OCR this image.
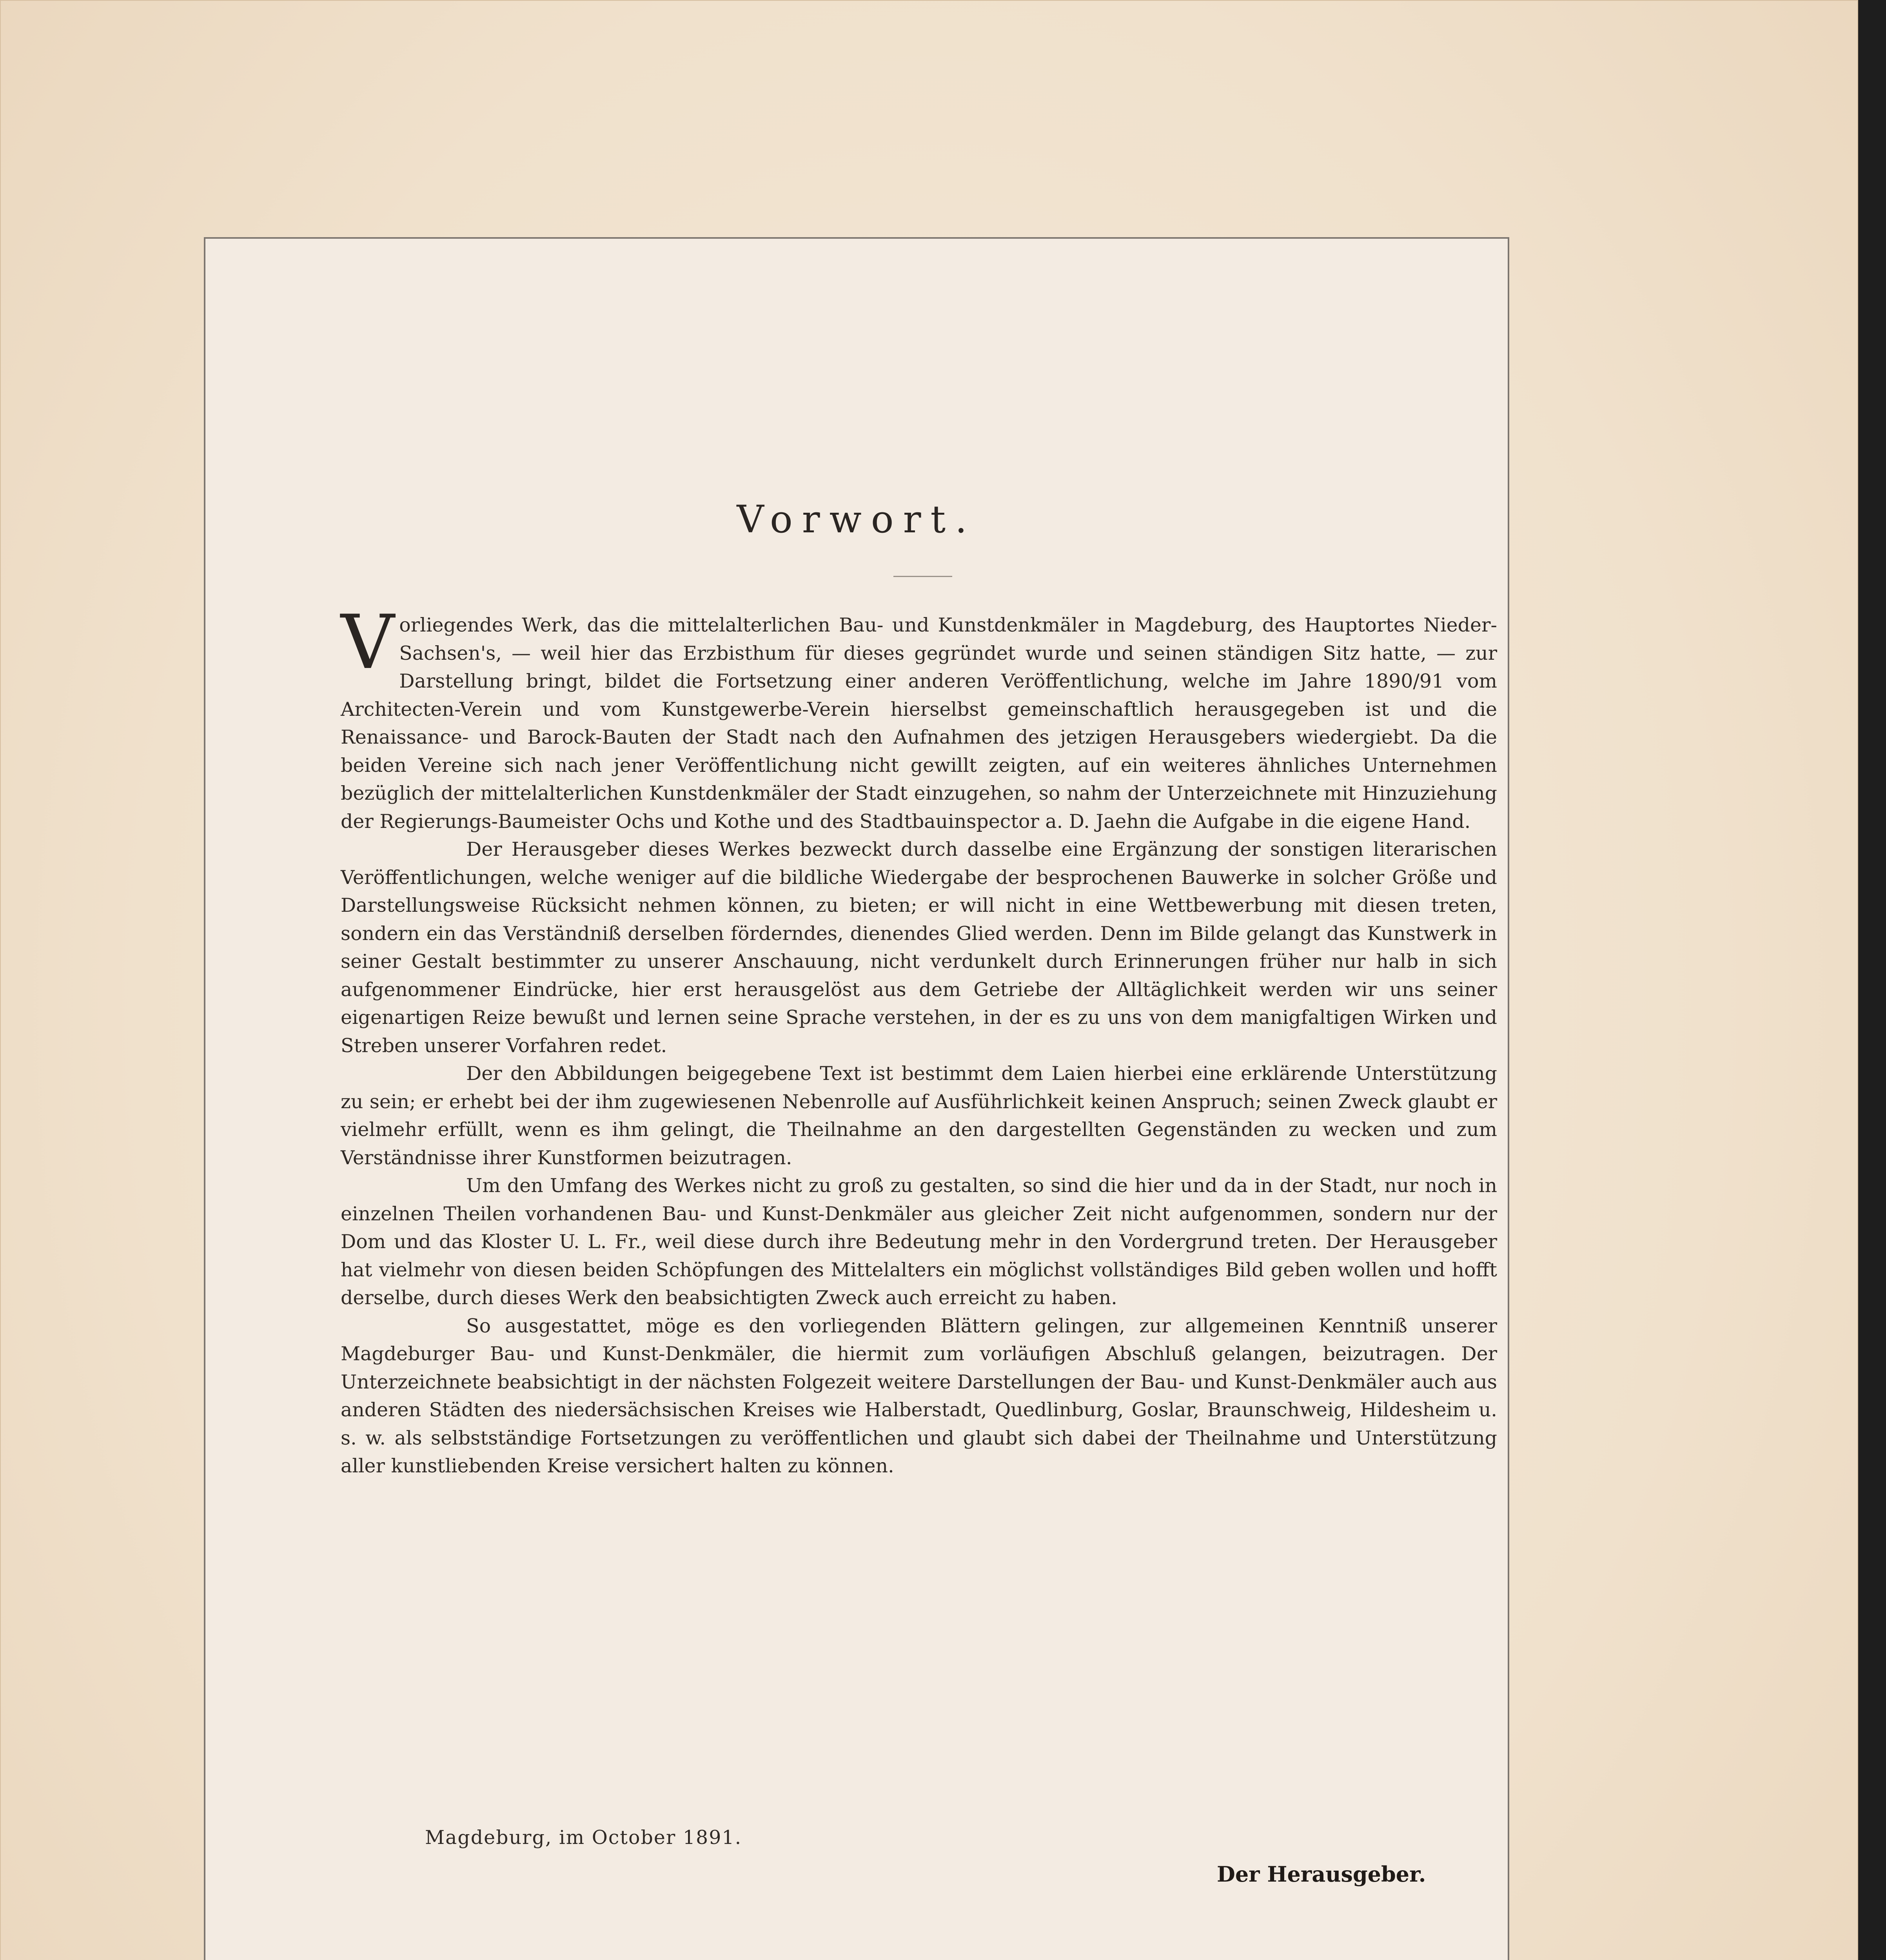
Vorwort.

Vorliegendes Werk, das die mittelalterlichen Bau- und Kunstdenkmäler in Magdeburg, des Hauptortes Nieder-Sachsen's, — weil hier das Erzbisthum für dieses gegründet wurde und seinen ständigen Sitz hatte, — zur Darstellung bringt, bildet die Fortsetzung einer anderen Veröffentlichung, welche im Jahre 1890/91 vom Architecten-Verein und vom Kunstgewerbe-Verein hierselbst gemeinschaftlich herausgegeben ist und die Renaissance- und Barock-Bauten der Stadt nach den Aufnahmen des jetzigen Herausgebers wiedergiebt. Da die beiden Vereine sich nach jener Veröffentlichung nicht gewillt zeigten, auf ein weiteres ähnliches Unternehmen bezüglich der mittelalterlichen Kunstdenkmäler der Stadt einzugehen, so nahm der Unterzeichnete mit Hinzuziehung der Regierungs-Baumeister Ochs und Kothe und des Stadtbauinspector a. D. Jaehn die Aufgabe in die eigene Hand.

Der Herausgeber dieses Werkes bezweckt durch dasselbe eine Ergänzung der sonstigen literarischen Veröffentlichungen, welche weniger auf die bildliche Wiedergabe der besprochenen Bauwerke in solcher Größe und Darstellungsweise Rücksicht nehmen können, zu bieten; er will nicht in eine Wettbewerbung mit diesen treten, sondern ein das Verständniß derselben förderndes, dienendes Glied werden. Denn im Bilde gelangt das Kunstwerk in seiner Gestalt bestimmter zu unserer Anschauung, nicht verdunkelt durch Erinnerungen früher nur halb in sich aufgenommener Eindrücke, hier erst herausgelöst aus dem Getriebe der Alltäglichkeit werden wir uns seiner eigenartigen Reize bewußt und lernen seine Sprache verstehen, in der es zu uns von dem manigfaltigen Wirken und Streben unserer Vorfahren redet.

Der den Abbildungen beigegebene Text ist bestimmt dem Laien hierbei eine erklärende Unterstützung zu sein; er erhebt bei der ihm zugewiesenen Nebenrolle auf Ausführlichkeit keinen Anspruch; seinen Zweck glaubt er vielmehr erfüllt, wenn es ihm gelingt, die Theilnahme an den dargestellten Gegenständen zu wecken und zum Verständnisse ihrer Kunstformen beizutragen.

Um den Umfang des Werkes nicht zu groß zu gestalten, so sind die hier und da in der Stadt, nur noch in einzelnen Theilen vorhandenen Bau- und Kunst-Denkmäler aus gleicher Zeit nicht aufgenommen, sondern nur der Dom und das Kloster U. L. Fr., weil diese durch ihre Bedeutung mehr in den Vordergrund treten. Der Herausgeber hat vielmehr von diesen beiden Schöpfungen des Mittelalters ein möglichst vollständiges Bild geben wollen und hofft derselbe, durch dieses Werk den beabsichtigten Zweck auch erreicht zu haben.

So ausgestattet, möge es den vorliegenden Blättern gelingen, zur allgemeinen Kenntniß unserer Magdeburger Bau- und Kunst-Denkmäler, die hiermit zum vorläufigen Abschluß gelangen, beizutragen. Der Unterzeichnete beabsichtigt in der nächsten Folgezeit weitere Darstellungen der Bau- und Kunst-Denkmäler auch aus anderen Städten des niedersächsischen Kreises wie Halberstadt, Quedlinburg, Goslar, Braunschweig, Hildesheim u. s. w. als selbstständige Fortsetzungen zu veröffentlichen und glaubt sich dabei der Theilnahme und Unterstützung aller kunstliebenden Kreise versichert halten zu können.

Magdeburg, im October 1891.
Der Herausgeber.
